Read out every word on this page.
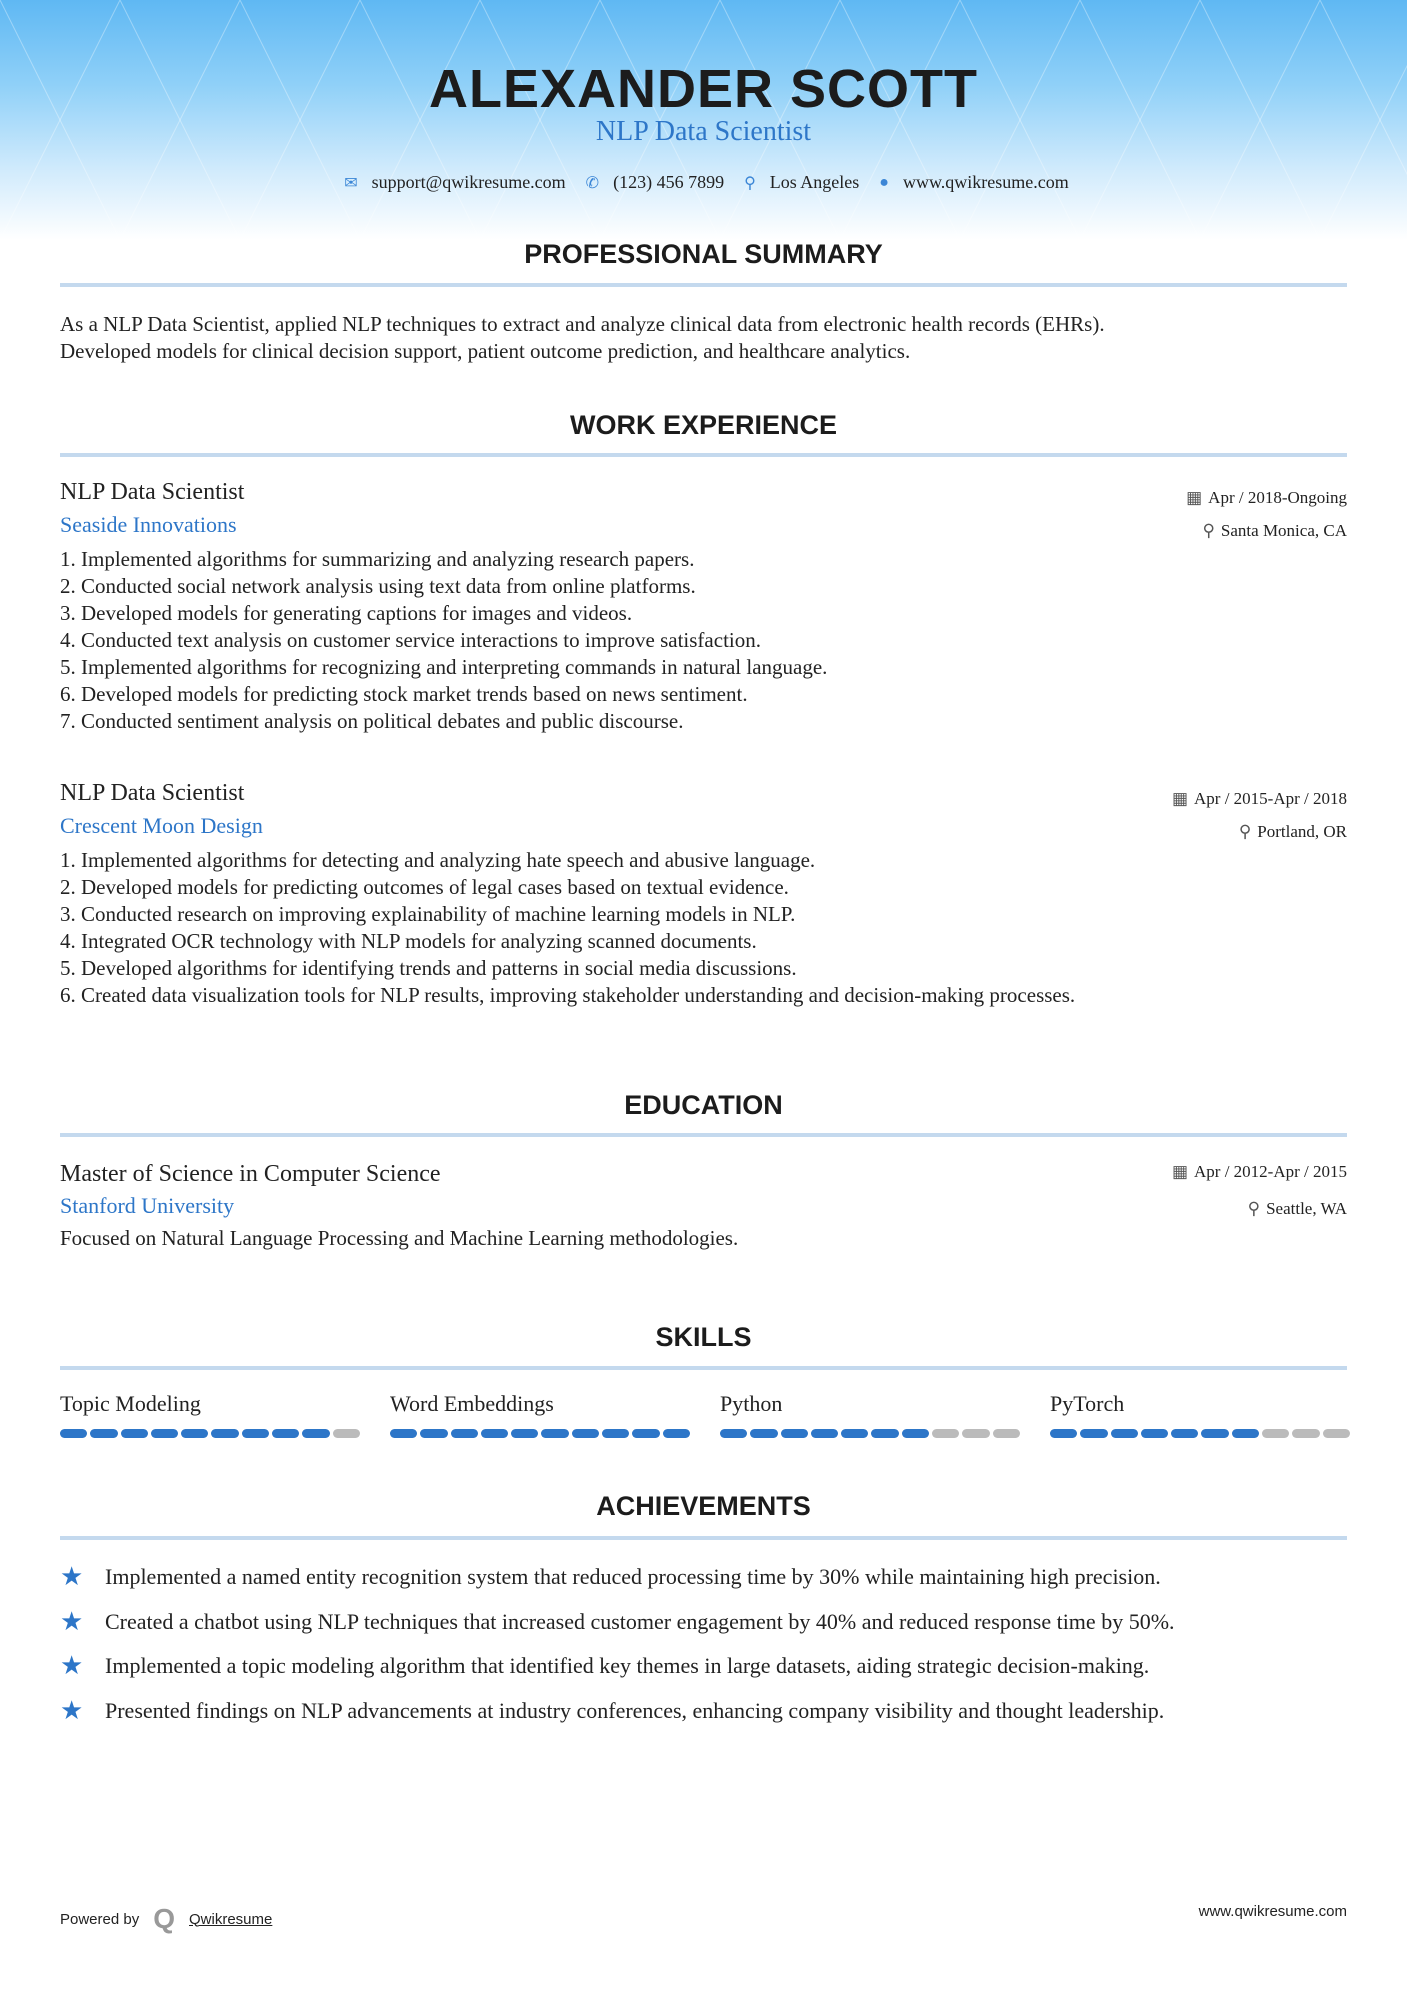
ALEXANDER SCOTT
NLP Data Scientist
✉ support@qwikresume.com ✆ (123) 456 7899 ⚲ Los Angeles ● www.qwikresume.com
PROFESSIONAL SUMMARY
As a NLP Data Scientist, applied NLP techniques to extract and analyze clinical data from electronic health records (EHRs).
Developed models for clinical decision support, patient outcome prediction, and healthcare analytics.
WORK EXPERIENCE
NLP Data Scientist
Seaside Innovations
1. Implemented algorithms for summarizing and analyzing research papers.
2. Conducted social network analysis using text data from online platforms.
3. Developed models for generating captions for images and videos.
4. Conducted text analysis on customer service interactions to improve satisfaction.
5. Implemented algorithms for recognizing and interpreting commands in natural language.
6. Developed models for predicting stock market trends based on news sentiment.
7. Conducted sentiment analysis on political debates and public discourse.
▦ Apr / 2018-Ongoing
⚲ Santa Monica, CA
NLP Data Scientist
Crescent Moon Design
1. Implemented algorithms for detecting and analyzing hate speech and abusive language.
2. Developed models for predicting outcomes of legal cases based on textual evidence.
3. Conducted research on improving explainability of machine learning models in NLP.
4. Integrated OCR technology with NLP models for analyzing scanned documents.
5. Developed algorithms for identifying trends and patterns in social media discussions.
6. Created data visualization tools for NLP results, improving stakeholder understanding and decision-making processes.
▦ Apr / 2015-Apr / 2018
⚲ Portland, OR
EDUCATION
Master of Science in Computer Science
Stanford University
Focused on Natural Language Processing and Machine Learning methodologies.
▦ Apr / 2012-Apr / 2015
⚲ Seattle, WA
SKILLS
Topic Modeling	Word Embeddings	Python	PyTorch
ACHIEVEMENTS
★ Implemented a named entity recognition system that reduced processing time by 30% while maintaining high precision.
★ Created a chatbot using NLP techniques that increased customer engagement by 40% and reduced response time by 50%.
★ Implemented a topic modeling algorithm that identified key themes in large datasets, aiding strategic decision-making.
★ Presented findings on NLP advancements at industry conferences, enhancing company visibility and thought leadership.
Powered by Q Qwikresume	www.qwikresume.com
